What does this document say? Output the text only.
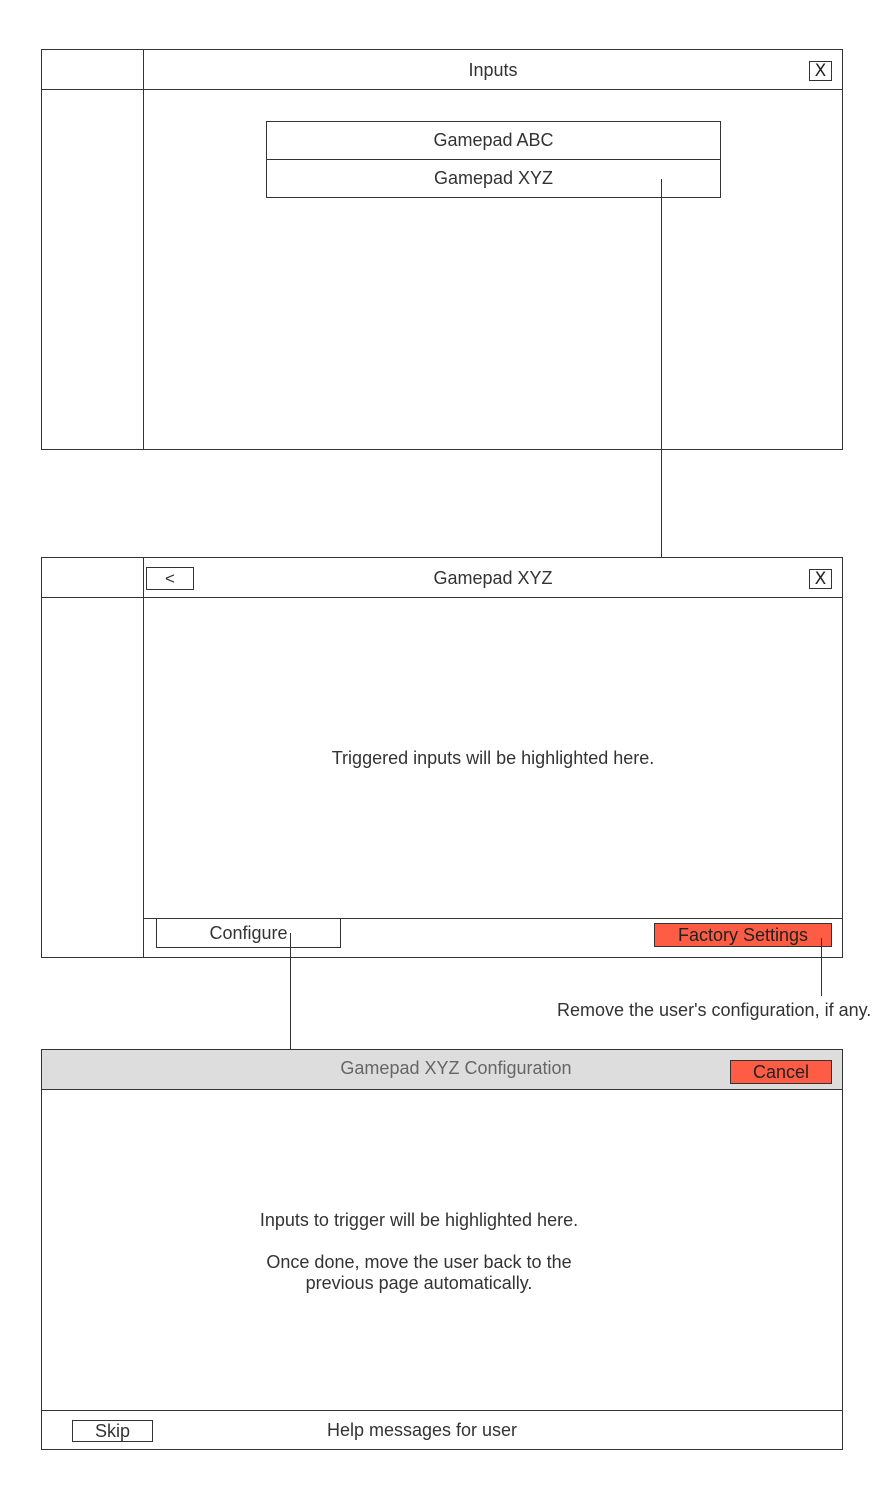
Inputs	X
Gamepad ABC
Gamepad XYZ
<	Gamepad XYZ	X
Triggered inputs will be highlighted here.
Configure	Factory Settings
Remove the user's configuration, if any.
Gamepad XYZ Configuration	Cancel
Inputs to trigger will be highlighted here.
Once done, move the user back to the
previous page automatically.
Skip	Help messages for user
